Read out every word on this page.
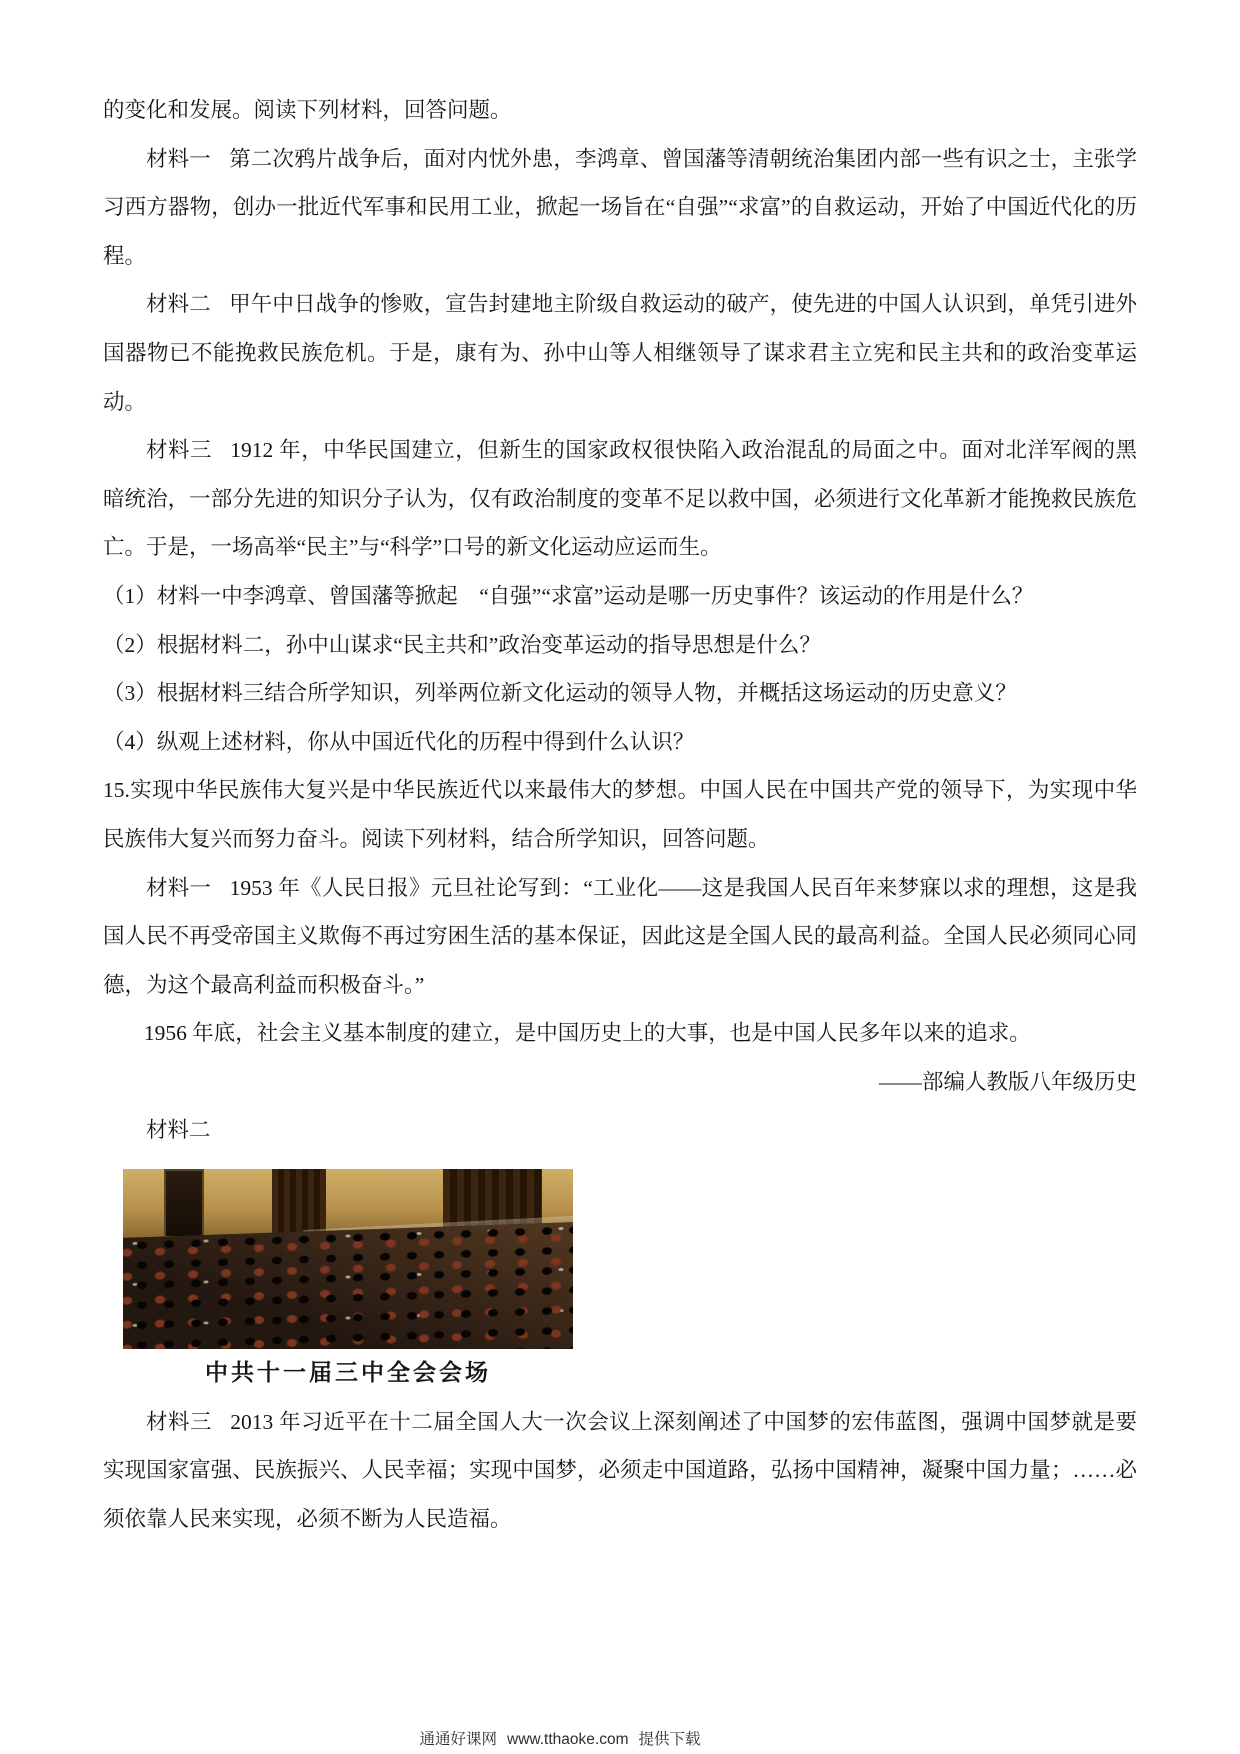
的变化和发展。阅读下列材料，回答问题。

材料一 第二次鸦片战争后，面对内忧外患，李鸿章、曾国藩等清朝统治集团内部一些有识之士，主张学习西方器物，创办一批近代军事和民用工业，掀起一场旨在“自强”“求富”的自救运动，开始了中国近代化的历程。

材料二 甲午中日战争的惨败，宣告封建地主阶级自救运动的破产，使先进的中国人认识到，单凭引进外国器物已不能挽救民族危机。于是，康有为、孙中山等人相继领导了谋求君主立宪和民主共和的政治变革运动。

材料三 1912 年，中华民国建立，但新生的国家政权很快陷入政治混乱的局面之中。面对北洋军阀的黑暗统治，一部分先进的知识分子认为，仅有政治制度的变革不足以救中国，必须进行文化革新才能挽救民族危亡。于是，一场高举“民主”与“科学”口号的新文化运动应运而生。

（1）材料一中李鸿章、曾国藩等掀起　“自强”“求富”运动是哪一历史事件？该运动的作用是什么？

（2）根据材料二，孙中山谋求“民主共和”政治变革运动的指导思想是什么？

（3）根据材料三结合所学知识，列举两位新文化运动的领导人物，并概括这场运动的历史意义？

（4）纵观上述材料，你从中国近代化的历程中得到什么认识？

15.实现中华民族伟大复兴是中华民族近代以来最伟大的梦想。中国人民在中国共产党的领导下，为实现中华民族伟大复兴而努力奋斗。阅读下列材料，结合所学知识，回答问题。

材料一 1953 年《人民日报》元旦社论写到：“工业化——这是我国人民百年来梦寐以求的理想，这是我国人民不再受帝国主义欺侮不再过穷困生活的基本保证，因此这是全国人民的最高利益。全国人民必须同心同德，为这个最高利益而积极奋斗。”

1956 年底，社会主义基本制度的建立，是中国历史上的大事，也是中国人民多年以来的追求。

——部编人教版八年级历史

材料二

中共十一届三中全会会场

材料三 2013 年习近平在十二届全国人大一次会议上深刻阐述了中国梦的宏伟蓝图，强调中国梦就是要实现国家富强、民族振兴、人民幸福；实现中国梦，必须走中国道路，弘扬中国精神，凝聚中国力量；……必须依靠人民来实现，必须不断为人民造福。

通通好课网 www.tthaoke.com 提供下载
